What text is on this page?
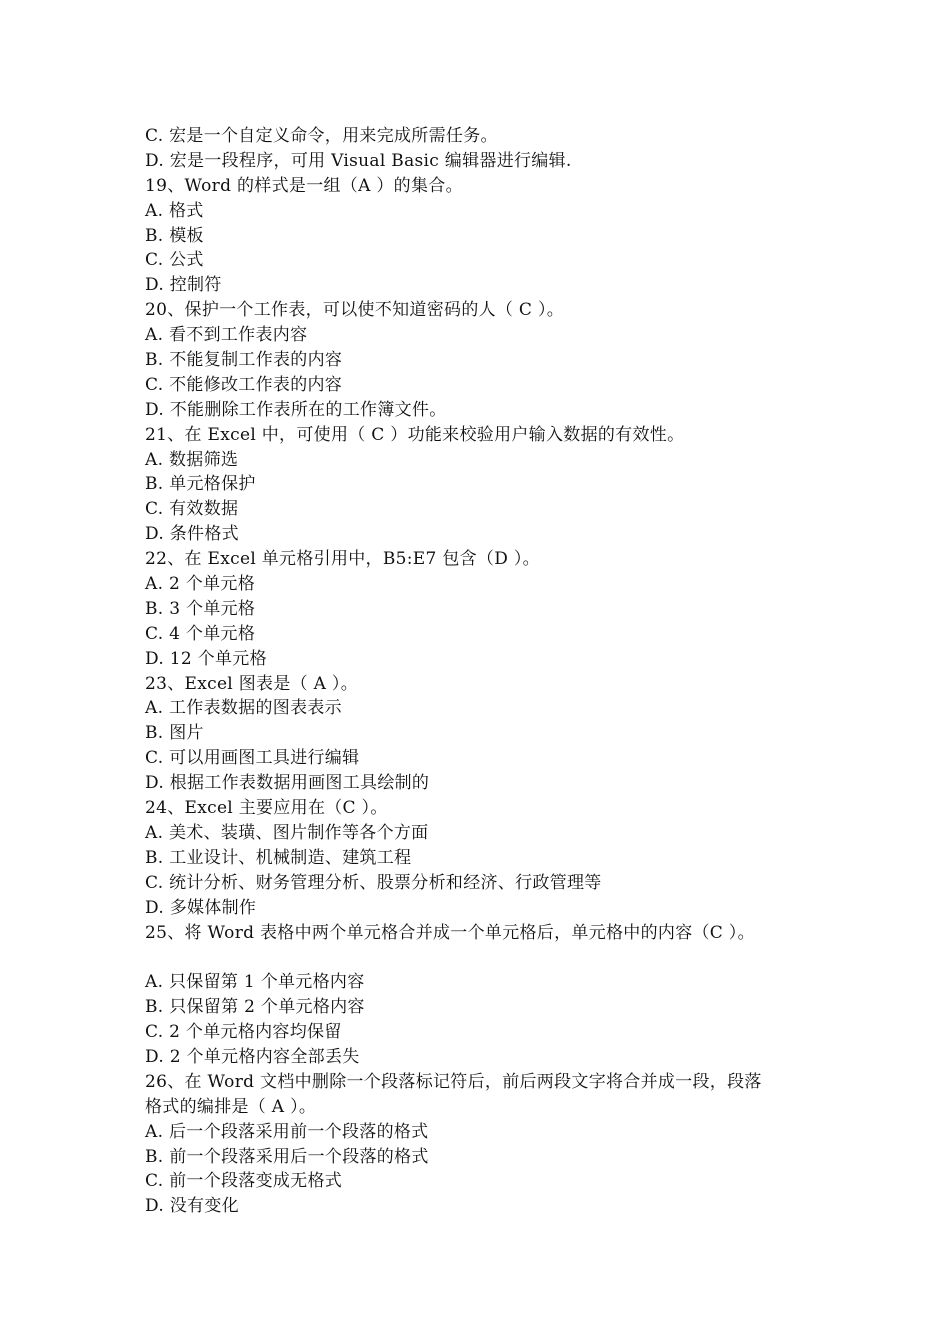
C. 宏是一个自定义命令，用来完成所需任务。
D. 宏是一段程序，可用 Visual Basic 编辑器进行编辑.
19、Word 的样式是一组（A ）的集合。
A. 格式
B. 模板
C. 公式
D. 控制符
20、保护一个工作表，可以使不知道密码的人（ C ）。
A. 看不到工作表内容
B. 不能复制工作表的内容
C. 不能修改工作表的内容
D. 不能删除工作表所在的工作簿文件。
21、在 Excel 中，可使用（ C ）功能来校验用户输入数据的有效性。
A. 数据筛选
B. 单元格保护
C. 有效数据
D. 条件格式
22、在 Excel 单元格引用中，B5:E7 包含（D ）。
A. 2 个单元格
B. 3 个单元格
C. 4 个单元格
D. 12 个单元格
23、Excel 图表是（ A ）。
A. 工作表数据的图表表示
B. 图片
C. 可以用画图工具进行编辑
D. 根据工作表数据用画图工具绘制的
24、Excel 主要应用在（C ）。
A. 美术、装璜、图片制作等各个方面
B. 工业设计、机械制造、建筑工程
C. 统计分析、财务管理分析、股票分析和经济、行政管理等
D. 多媒体制作
25、将 Word 表格中两个单元格合并成一个单元格后，单元格中的内容（C ）。
A. 只保留第 1 个单元格内容
B. 只保留第 2 个单元格内容
C. 2 个单元格内容均保留
D. 2 个单元格内容全部丢失
26、在 Word 文档中删除一个段落标记符后，前后两段文字将合并成一段，段落
格式的编排是（ A ）。
A. 后一个段落采用前一个段落的格式
B. 前一个段落采用后一个段落的格式
C. 前一个段落变成无格式
D. 没有变化
